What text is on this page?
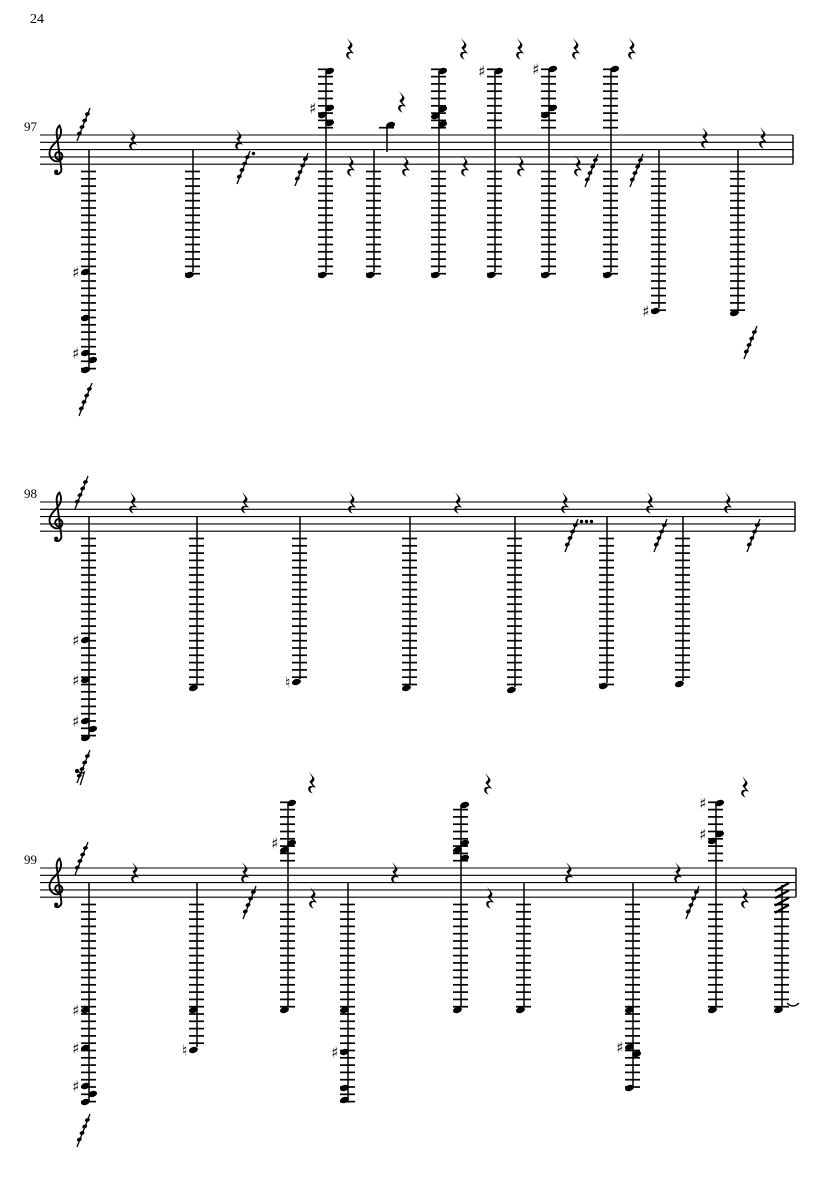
24
97
♯
♯
♯
♯	♯
♯
98
♯
♯
♯
♮
99
♯
♯
♯
♮
♯
♯	♯
♯
♯
